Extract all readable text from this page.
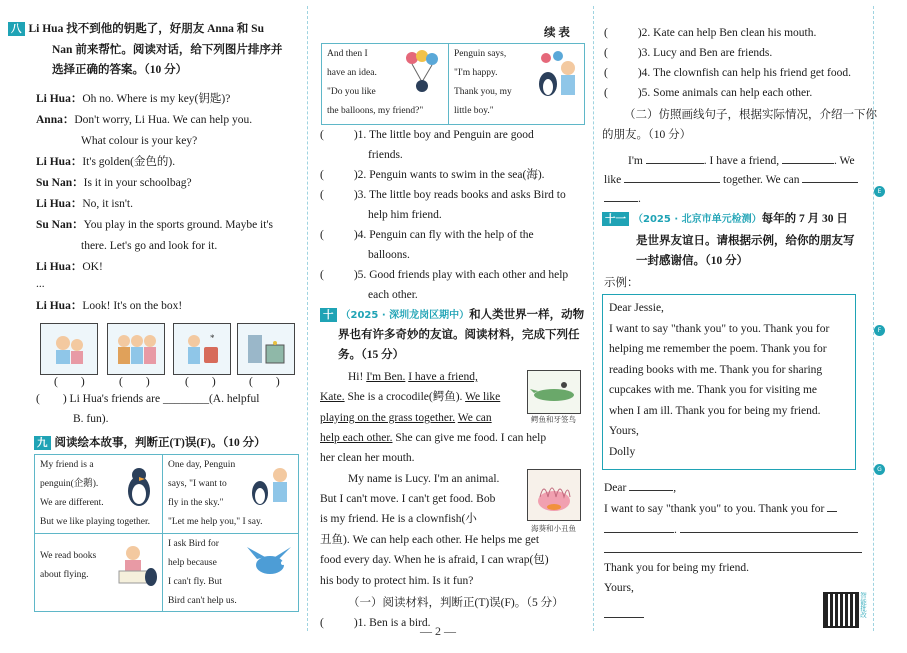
八 Li Hua 找不到他的钥匙了，好朋友 Anna 和 Su
Nan 前来帮忙。阅读对话，给下列图片排序并
选择正确的答案。（10 分）
Li Hua：Oh no. Where is my key(钥匙)?
Anna：Don't worry, Li Hua. We can help you.
What colour is your key?
Li Hua：It's golden(金色的).
Su Nan：Is it in your schoolbag?
Li Hua：No, it isn't.
Su Nan：You play in the sports ground. Maybe it's
there. Let's go and look for it.
Li Hua：OK!
...
Li Hua：Look! It's on the box!
*
(　　)	(　　)	(　　)	(　　)
(　　) Li Hua's friends are ________(A. helpful
B. fun).
九 阅读绘本故事，判断正(T)误(F)。（10 分）
My friend is a
penguin(企鹅).
We are different.
But we like playing together.
One day, Penguin
says, "I want to
fly in the sky."
"Let me help you," I say.
We read books
about flying.
I ask Bird for
help because
I can't fly. But
Bird can't help us.
续 表
And then I
have an idea.
"Do you like
the balloons, my friend?"
Penguin says,
"I'm happy.
Thank you, my
little boy."
(	)1. The little boy and Penguin are good
friends.
(	)2. Penguin wants to swim in the sea(海).
(	)3. The little boy reads books and asks Bird to
help him friend.
(	)4. Penguin can fly with the help of the
balloons.
(	)5. Good friends play with each other and help
each other.
十 （2025 · 深圳龙岗区期中）和人类世界一样，动物
界也有许多奇妙的友谊。阅读材料，完成下列任
务。（15 分）
Hi! I'm Ben. I have a friend,
Kate. She is a crocodile(鳄鱼). We like
playing on the grass together. We can
help each other. She can give me food. I can help
her clean her mouth.
鳄鱼和牙签鸟
My name is Lucy. I'm an animal.
But I can't move. I can't get food. Bob
is my friend. He is a clownfish(小
丑鱼). We can help each other. He helps me get
food every day. When he is afraid, I can wrap(包)
his body to protect him. Is it fun?
海葵和小丑鱼
（一）阅读材料，判断正(T)误(F)。（5 分）
(	)1. Ben is a bird.
(	)2. Kate can help Ben clean his mouth.
(	)3. Lucy and Ben are friends.
(	)4. The clownfish can help his friend get food.
(	)5. Some animals can help each other.
（二）仿照画线句子，根据实际情况，介绍一下你
的朋友。（10 分）
I'm	. I have a friend,	. We
like	together. We can
.
十一 （2025 · 北京市单元检测）每年的 7 月 30 日
是世界友谊日。请根据示例，给你的朋友写
一封感谢信。（10 分）
示例：
Dear Jessie,
I want to say "thank you" to you. Thank you for
helping me remember the poem. Thank you for
reading books with me. Thank you for sharing
cupcakes with me. Thank you for visiting me
when I am ill. Thank you for being my friend.
Yours,
Dolly
Dear	,
I want to say "thank you" to you. Thank you for
.
Thank you for being my friend.
Yours,
E
F
G
智能批改
— 2 —
